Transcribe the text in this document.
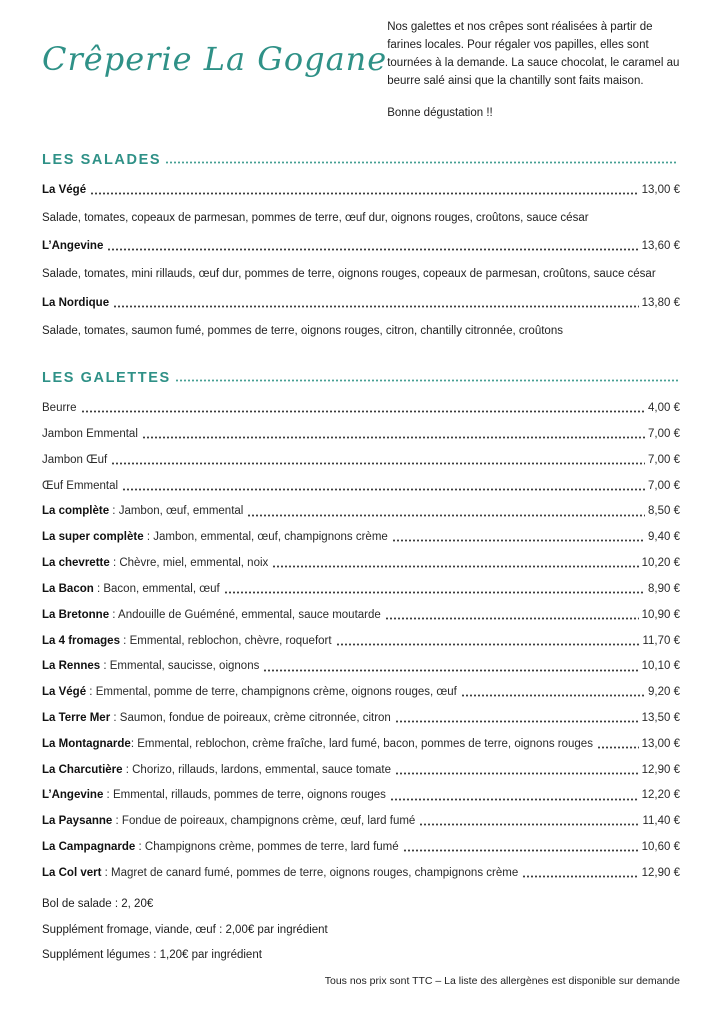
Crêperie La Gogane

Nos galettes et nos crêpes sont réalisées à partir de farines locales. Pour régaler vos papilles, elles sont tournées à la demande. La sauce chocolat, le caramel au beurre salé ainsi que la chantilly sont faits maison.

Bonne dégustation !!

LES SALADES
La Végé	13,00 €

Salade, tomates, copeaux de parmesan, pommes de terre, œuf dur, oignons rouges, croûtons, sauce césar

L’Angevine	13,60 €

Salade, tomates, mini rillauds, œuf dur, pommes de terre, oignons rouges, copeaux de parmesan, croûtons, sauce césar

La Nordique	13,80 €

Salade, tomates, saumon fumé, pommes de terre, oignons rouges, citron, chantilly citronnée, croûtons

LES GALETTES
Beurre	4,00 €
Jambon Emmental	7,00 €
Jambon Œuf	7,00 €
Œuf Emmental	7,00 €
La complète : Jambon, œuf, emmental	8,50 €
La super complète : Jambon, emmental, œuf, champignons crème	9,40 €
La chevrette : Chèvre, miel, emmental, noix	10,20 €
La Bacon : Bacon, emmental, œuf	8,90 €
La Bretonne : Andouille de Guéméné, emmental, sauce moutarde	10,90 €
La 4 fromages : Emmental, reblochon, chèvre, roquefort	11,70 €
La Rennes : Emmental, saucisse, oignons	10,10 €
La Végé : Emmental, pomme de terre, champignons crème, oignons rouges, œuf	9,20 €
La Terre Mer : Saumon, fondue de poireaux, crème citronnée, citron	13,50 €
La Montagnarde: Emmental, reblochon, crème fraîche, lard fumé, bacon, pommes de terre, oignons rouges	13,00 €
La Charcutière : Chorizo, rillauds, lardons, emmental, sauce tomate	12,90 €
L’Angevine : Emmental, rillauds, pommes de terre, oignons rouges	12,20 €
La Paysanne : Fondue de poireaux, champignons crème, œuf, lard fumé	11,40 €
La Campagnarde : Champignons crème, pommes de terre, lard fumé	10,60 €
La Col vert : Magret de canard fumé, pommes de terre, oignons rouges, champignons crème	12,90 €

Bol de salade : 2, 20€

Supplément fromage, viande, œuf : 2,00€ par ingrédient

Supplément légumes : 1,20€ par ingrédient

Tous nos prix sont TTC – La liste des allergènes est disponible sur demande
